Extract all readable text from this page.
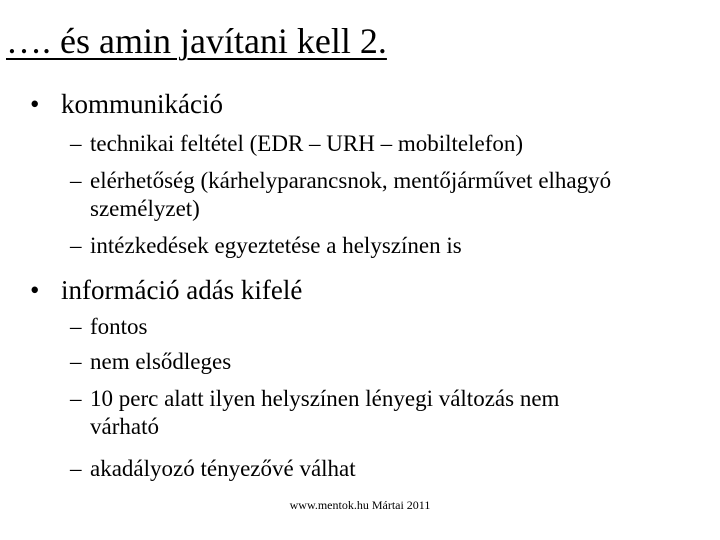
…. és amin javítani kell 2.
• kommunikáció
– technikai feltétel (EDR – URH – mobiltelefon)
– elérhetőség (kárhelyparancsnok, mentőjárművet elhagyó személyzet)
– intézkedések egyeztetése a helyszínen is
• információ adás kifelé
– fontos
– nem elsődleges
– 10 perc alatt ilyen helyszínen lényegi változás nem várható
– akadályozó tényezővé válhat
www.mentok.hu Mártai 2011
